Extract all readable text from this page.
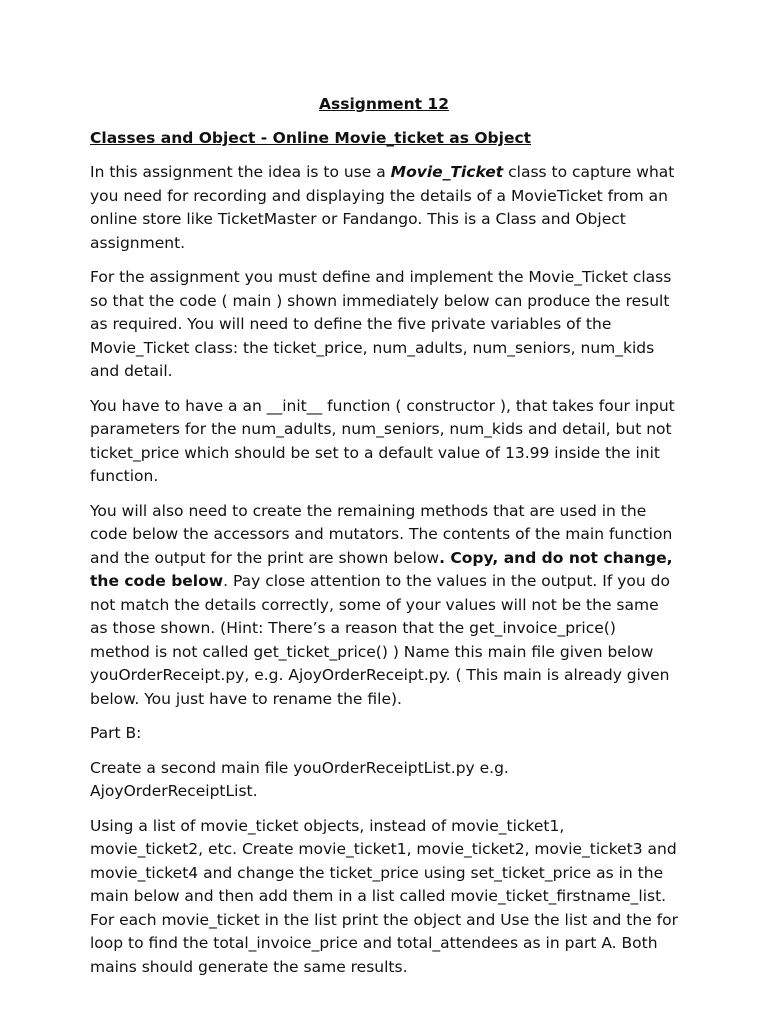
Assignment 12
Classes and Object - Online Movie_ticket as Object

In this assignment the idea is to use a Movie_Ticket class to capture what you need for recording and displaying the details of a MovieTicket from an online store like TicketMaster or Fandango. This is a Class and Object assignment.

For the assignment you must define and implement the Movie_Ticket class so that the code ( main ) shown immediately below can produce the result as required. You will need to define the five private variables of the Movie_Ticket class: the ticket_price, num_adults, num_seniors, num_kids and detail.

You have to have a an __init__ function ( constructor ), that takes four input parameters for the num_adults, num_seniors, num_kids and detail, but not ticket_price which should be set to a default value of 13.99 inside the init function.

You will also need to create the remaining methods that are used in the code below the accessors and mutators. The contents of the main function and the output for the print are shown below. Copy, and do not change, the code below. Pay close attention to the values in the output. If you do not match the details correctly, some of your values will not be the same as those shown. (Hint: There’s a reason that the get_invoice_price() method is not called get_ticket_price() ) Name this main file given below youOrderReceipt.py, e.g. AjoyOrderReceipt.py. ( This main is already given below. You just have to rename the file).

Part B:

Create a second main file youOrderReceiptList.py e.g. AjoyOrderReceiptList.

Using a list of movie_ticket objects, instead of movie_ticket1, movie_ticket2, etc. Create movie_ticket1, movie_ticket2, movie_ticket3 and movie_ticket4 and change the ticket_price using set_ticket_price as in the main below and then add them in a list called movie_ticket_firstname_list. For each movie_ticket in the list print the object and Use the list and the for loop to find the total_invoice_price and total_attendees as in part A. Both mains should generate the same results.
